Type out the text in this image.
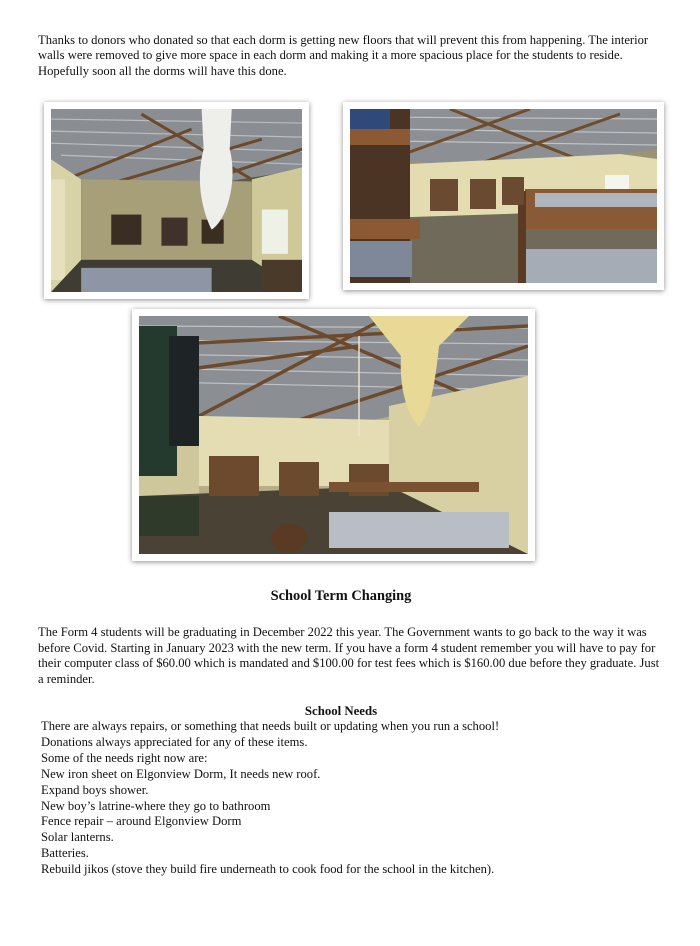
Thanks to donors who donated so that each dorm is getting new floors that will prevent this from happening. The interior walls were removed to give more space in each dorm and making it a more spacious place for the students to reside. Hopefully soon all the dorms will have this done.

School Term Changing

The Form 4 students will be graduating in December 2022 this year. The Government wants to go back to the way it was before Covid. Starting in January 2023 with the new term. If you have a form 4 student remember you will have to pay for their computer class of $60.00 which is mandated and $100.00 for test fees which is $160.00 due before they graduate. Just a reminder.

School Needs
There are always repairs, or something that needs built or updating when you run a school!
Donations always appreciated for any of these items.
Some of the needs right now are:
New iron sheet on Elgonview Dorm, It needs new roof.
Expand boys shower.
New boy’s latrine-where they go to bathroom
Fence repair – around Elgonview Dorm
Solar lanterns.
Batteries.
Rebuild jikos (stove they build fire underneath to cook food for the school in the kitchen).
